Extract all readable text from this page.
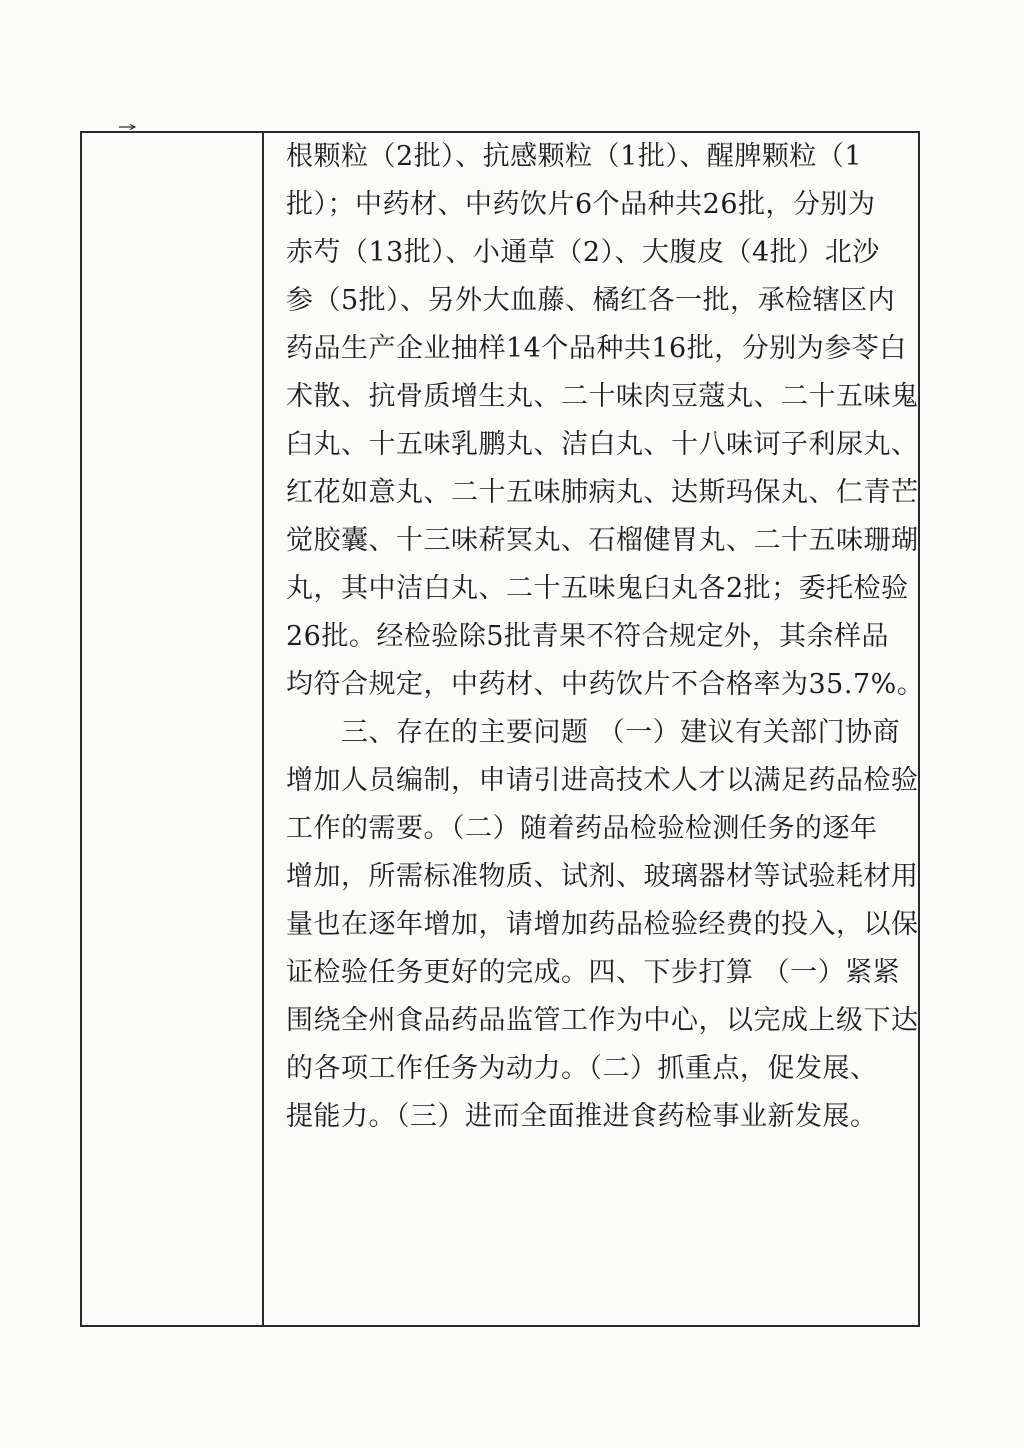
根颗粒（2批）、抗感颗粒（1批）、醒脾颗粒（1
批）；中药材、中药饮片6个品种共26批，分别为
赤芍（13批）、小通草（2）、大腹皮（4批）北沙
参（5批）、另外大血藤、橘红各一批，承检辖区内
药品生产企业抽样14个品种共16批，分别为参苓白
术散、抗骨质增生丸、二十味肉豆蔻丸、二十五味鬼
臼丸、十五味乳鹏丸、洁白丸、十八味诃子利尿丸、
红花如意丸、二十五味肺病丸、达斯玛保丸、仁青芒
觉胶囊、十三味菥冥丸、石榴健胃丸、二十五味珊瑚
丸，其中洁白丸、二十五味鬼臼丸各2批；委托检验
26批。经检验除5批青果不符合规定外，其余样品
均符合规定，中药材、中药饮片不合格率为35.7%。
三、存在的主要问题 （一）建议有关部门协商
增加人员编制，申请引进高技术人才以满足药品检验
工作的需要。（二）随着药品检验检测任务的逐年
增加，所需标准物质、试剂、玻璃器材等试验耗材用
量也在逐年增加，请增加药品检验经费的投入，以保
证检验任务更好的完成。四、下步打算 （一）紧紧
围绕全州食品药品监管工作为中心，以完成上级下达
的各项工作任务为动力。（二）抓重点，促发展、
提能力。（三）进而全面推进食药检事业新发展。
